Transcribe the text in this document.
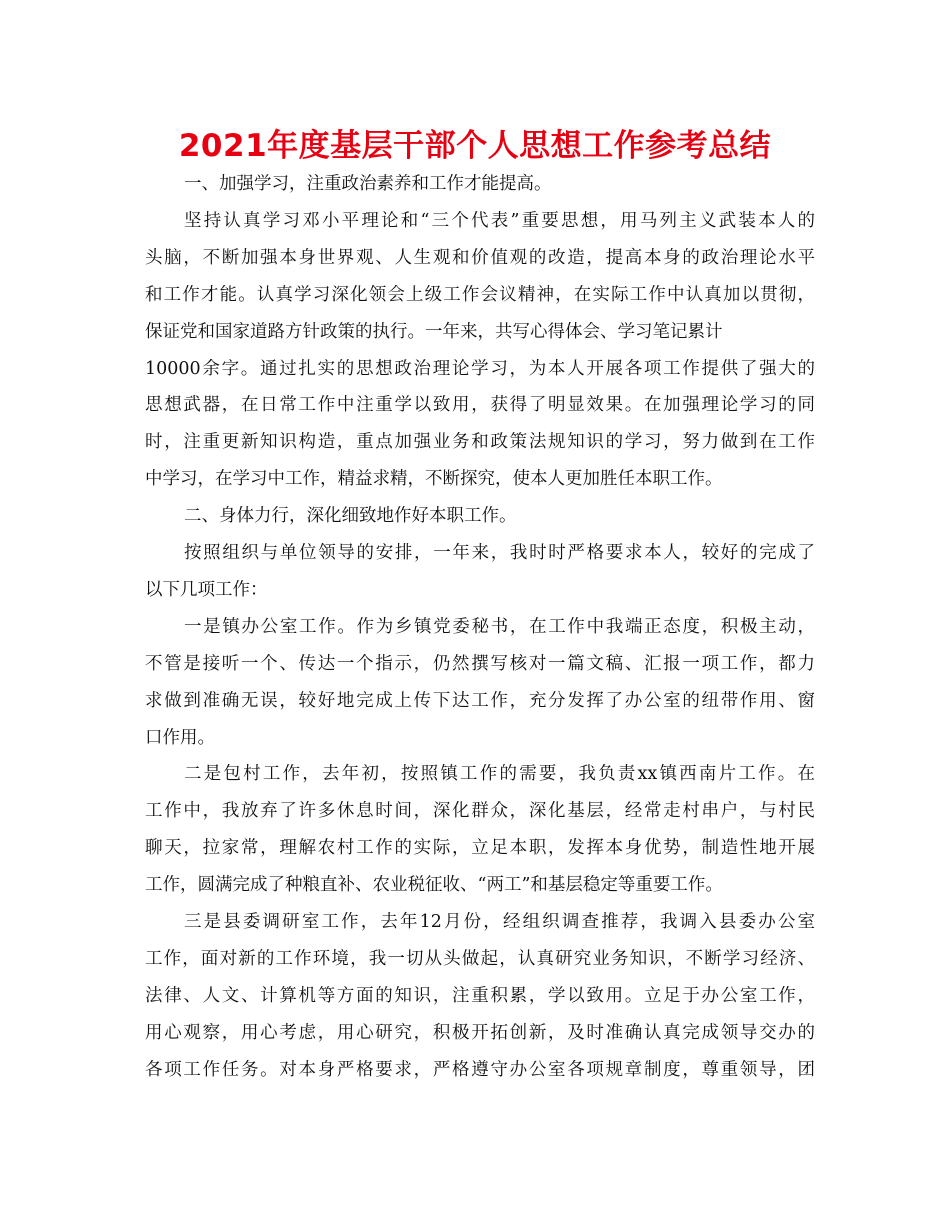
2021年度基层干部个人思想工作参考总结

一、加强学习，注重政治素养和工作才能提高。

坚持认真学习邓小平理论和“三个代表”重要思想，用马列主义武装本人的

头脑，不断加强本身世界观、人生观和价值观的改造，提高本身的政治理论水平

和工作才能。认真学习深化领会上级工作会议精神，在实际工作中认真加以贯彻，

保证党和国家道路方针政策的执行。一年来，共写心得体会、学习笔记累计

10000余字。通过扎实的思想政治理论学习，为本人开展各项工作提供了强大的

思想武器，在日常工作中注重学以致用，获得了明显效果。在加强理论学习的同

时，注重更新知识构造，重点加强业务和政策法规知识的学习，努力做到在工作

中学习，在学习中工作，精益求精，不断探究，使本人更加胜任本职工作。

二、身体力行，深化细致地作好本职工作。

按照组织与单位领导的安排，一年来，我时时严格要求本人，较好的完成了

以下几项工作：

一是镇办公室工作。作为乡镇党委秘书，在工作中我端正态度，积极主动，

不管是接听一个、传达一个指示，仍然撰写核对一篇文稿、汇报一项工作，都力

求做到准确无误，较好地完成上传下达工作，充分发挥了办公室的纽带作用、窗

口作用。

二是包村工作，去年初，按照镇工作的需要，我负责xx镇西南片工作。在

工作中，我放弃了许多休息时间，深化群众，深化基层，经常走村串户，与村民

聊天，拉家常，理解农村工作的实际，立足本职，发挥本身优势，制造性地开展

工作，圆满完成了种粮直补、农业税征收、“两工”和基层稳定等重要工作。

三是县委调研室工作，去年12月份，经组织调查推荐，我调入县委办公室

工作，面对新的工作环境，我一切从头做起，认真研究业务知识，不断学习经济、

法律、人文、计算机等方面的知识，注重积累，学以致用。立足于办公室工作，

用心观察，用心考虑，用心研究，积极开拓创新，及时准确认真完成领导交办的

各项工作任务。对本身严格要求，严格遵守办公室各项规章制度，尊重领导，团
